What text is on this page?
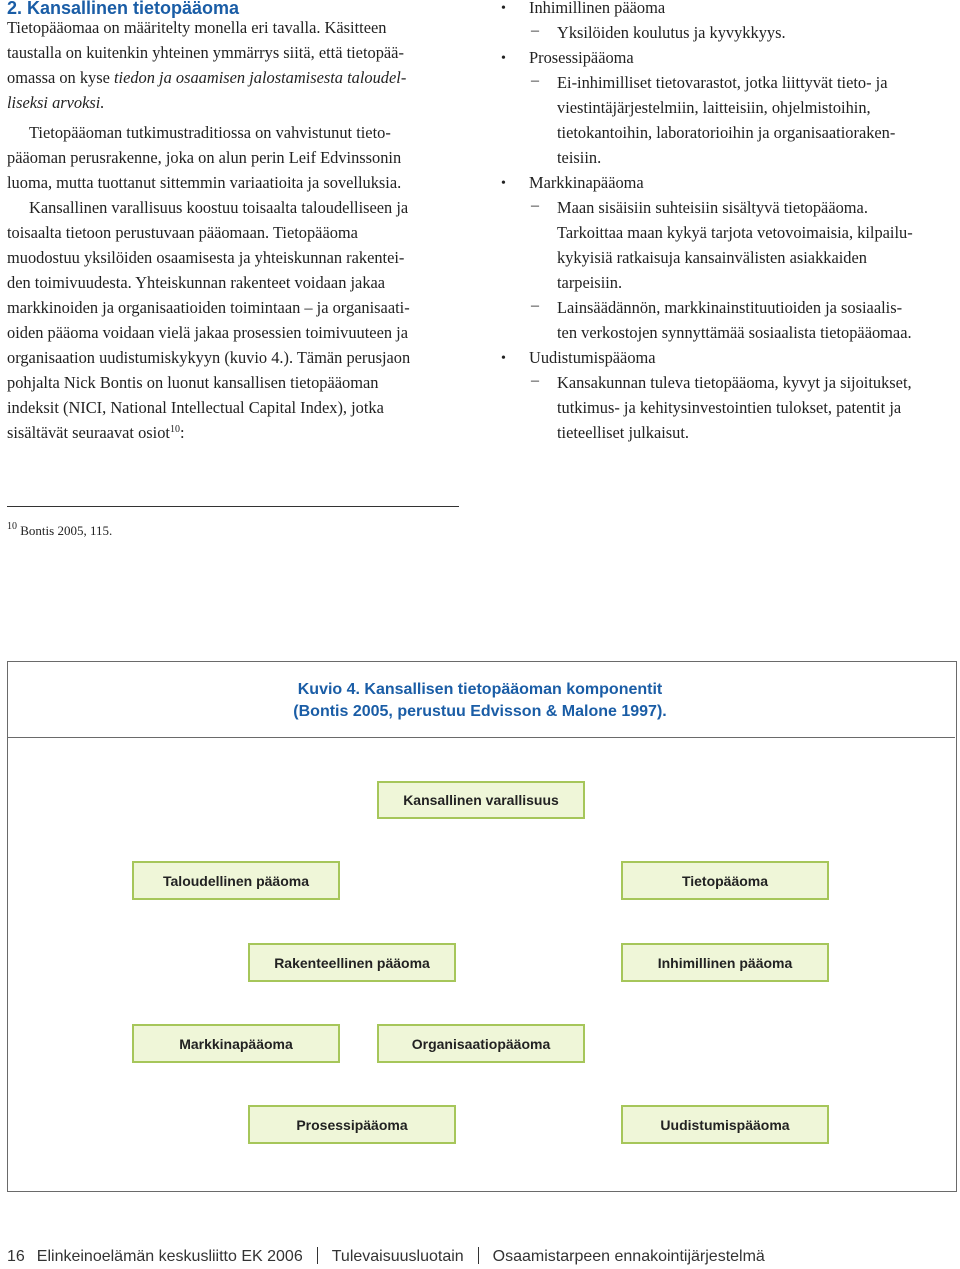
2. Kansallinen tietopääoma
Tietopääomaa on määritelty monella eri tavalla. Käsitteen
taustalla on kuitenkin yhteinen ymmärrys siitä, että tietopää-
omassa on kyse tiedon ja osaamisen jalostamisesta taloudel-
liseksi arvoksi.
Tietopääoman tutkimustraditiossa on vahvistunut tieto-
pääoman perusrakenne, joka on alun perin Leif Edvinssonin
luoma, mutta tuottanut sittemmin variaatioita ja sovelluksia.
Kansallinen varallisuus koostuu toisaalta taloudelliseen ja
toisaalta tietoon perustuvaan pääomaan. Tietopääoma
muodostuu yksilöiden osaamisesta ja yhteiskunnan rakentei-
den toimivuudesta. Yhteiskunnan rakenteet voidaan jakaa
markkinoiden ja organisaatioiden toimintaan – ja organisaati-
oiden pääoma voidaan vielä jakaa prosessien toimivuuteen ja
organisaation uudistumiskykyyn (kuvio 4.). Tämän perusjaon
pohjalta Nick Bontis on luonut kansallisen tietopääoman
indeksit (NICI, National Intellectual Capital Index), jotka
sisältävät seuraavat osiot$^{10}$:
• Inhimillinen pääoma
– Yksilöiden koulutus ja kyvykkyys.
• Prosessipääoma
– Ei-inhimilliset tietovarastot, jotka liittyvät tieto- ja
viestintäjärjestelmiin, laitteisiin, ohjelmistoihin,
tietokantoihin, laboratorioihin ja organisaatioraken-
teisiin.
• Markkinapääoma
– Maan sisäisiin suhteisiin sisältyvä tietopääoma.
Tarkoittaa maan kykyä tarjota vetovoimaisia, kilpailu-
kykyisiä ratkaisuja kansainvälisten asiakkaiden
tarpeisiin.
– Lainsäädännön, markkinainstituutioiden ja sosiaalis-
ten verkostojen synnyttämää sosiaalista tietopääomaa.
• Uudistumispääoma
– Kansakunnan tuleva tietopääoma, kyvyt ja sijoitukset,
tutkimus- ja kehitysinvestointien tulokset, patentit ja
tieteelliset julkaisut.
$^{10}$ Bontis 2005, 115.
Kuvio 4. Kansallisen tietopääoman komponentit
(Bontis 2005, perustuu Edvisson & Malone 1997).
Kansallinen varallisuus
Taloudellinen pääoma	Tietopääoma
Rakenteellinen pääoma	Inhimillinen pääoma
Markkinapääoma	Organisaatiopääoma
Prosessipääoma	Uudistumispääoma
16 Elinkeinoelämän keskusliitto EK 2006 Tulevaisuusluotain Osaamistarpeen ennakointijärjestelmä
